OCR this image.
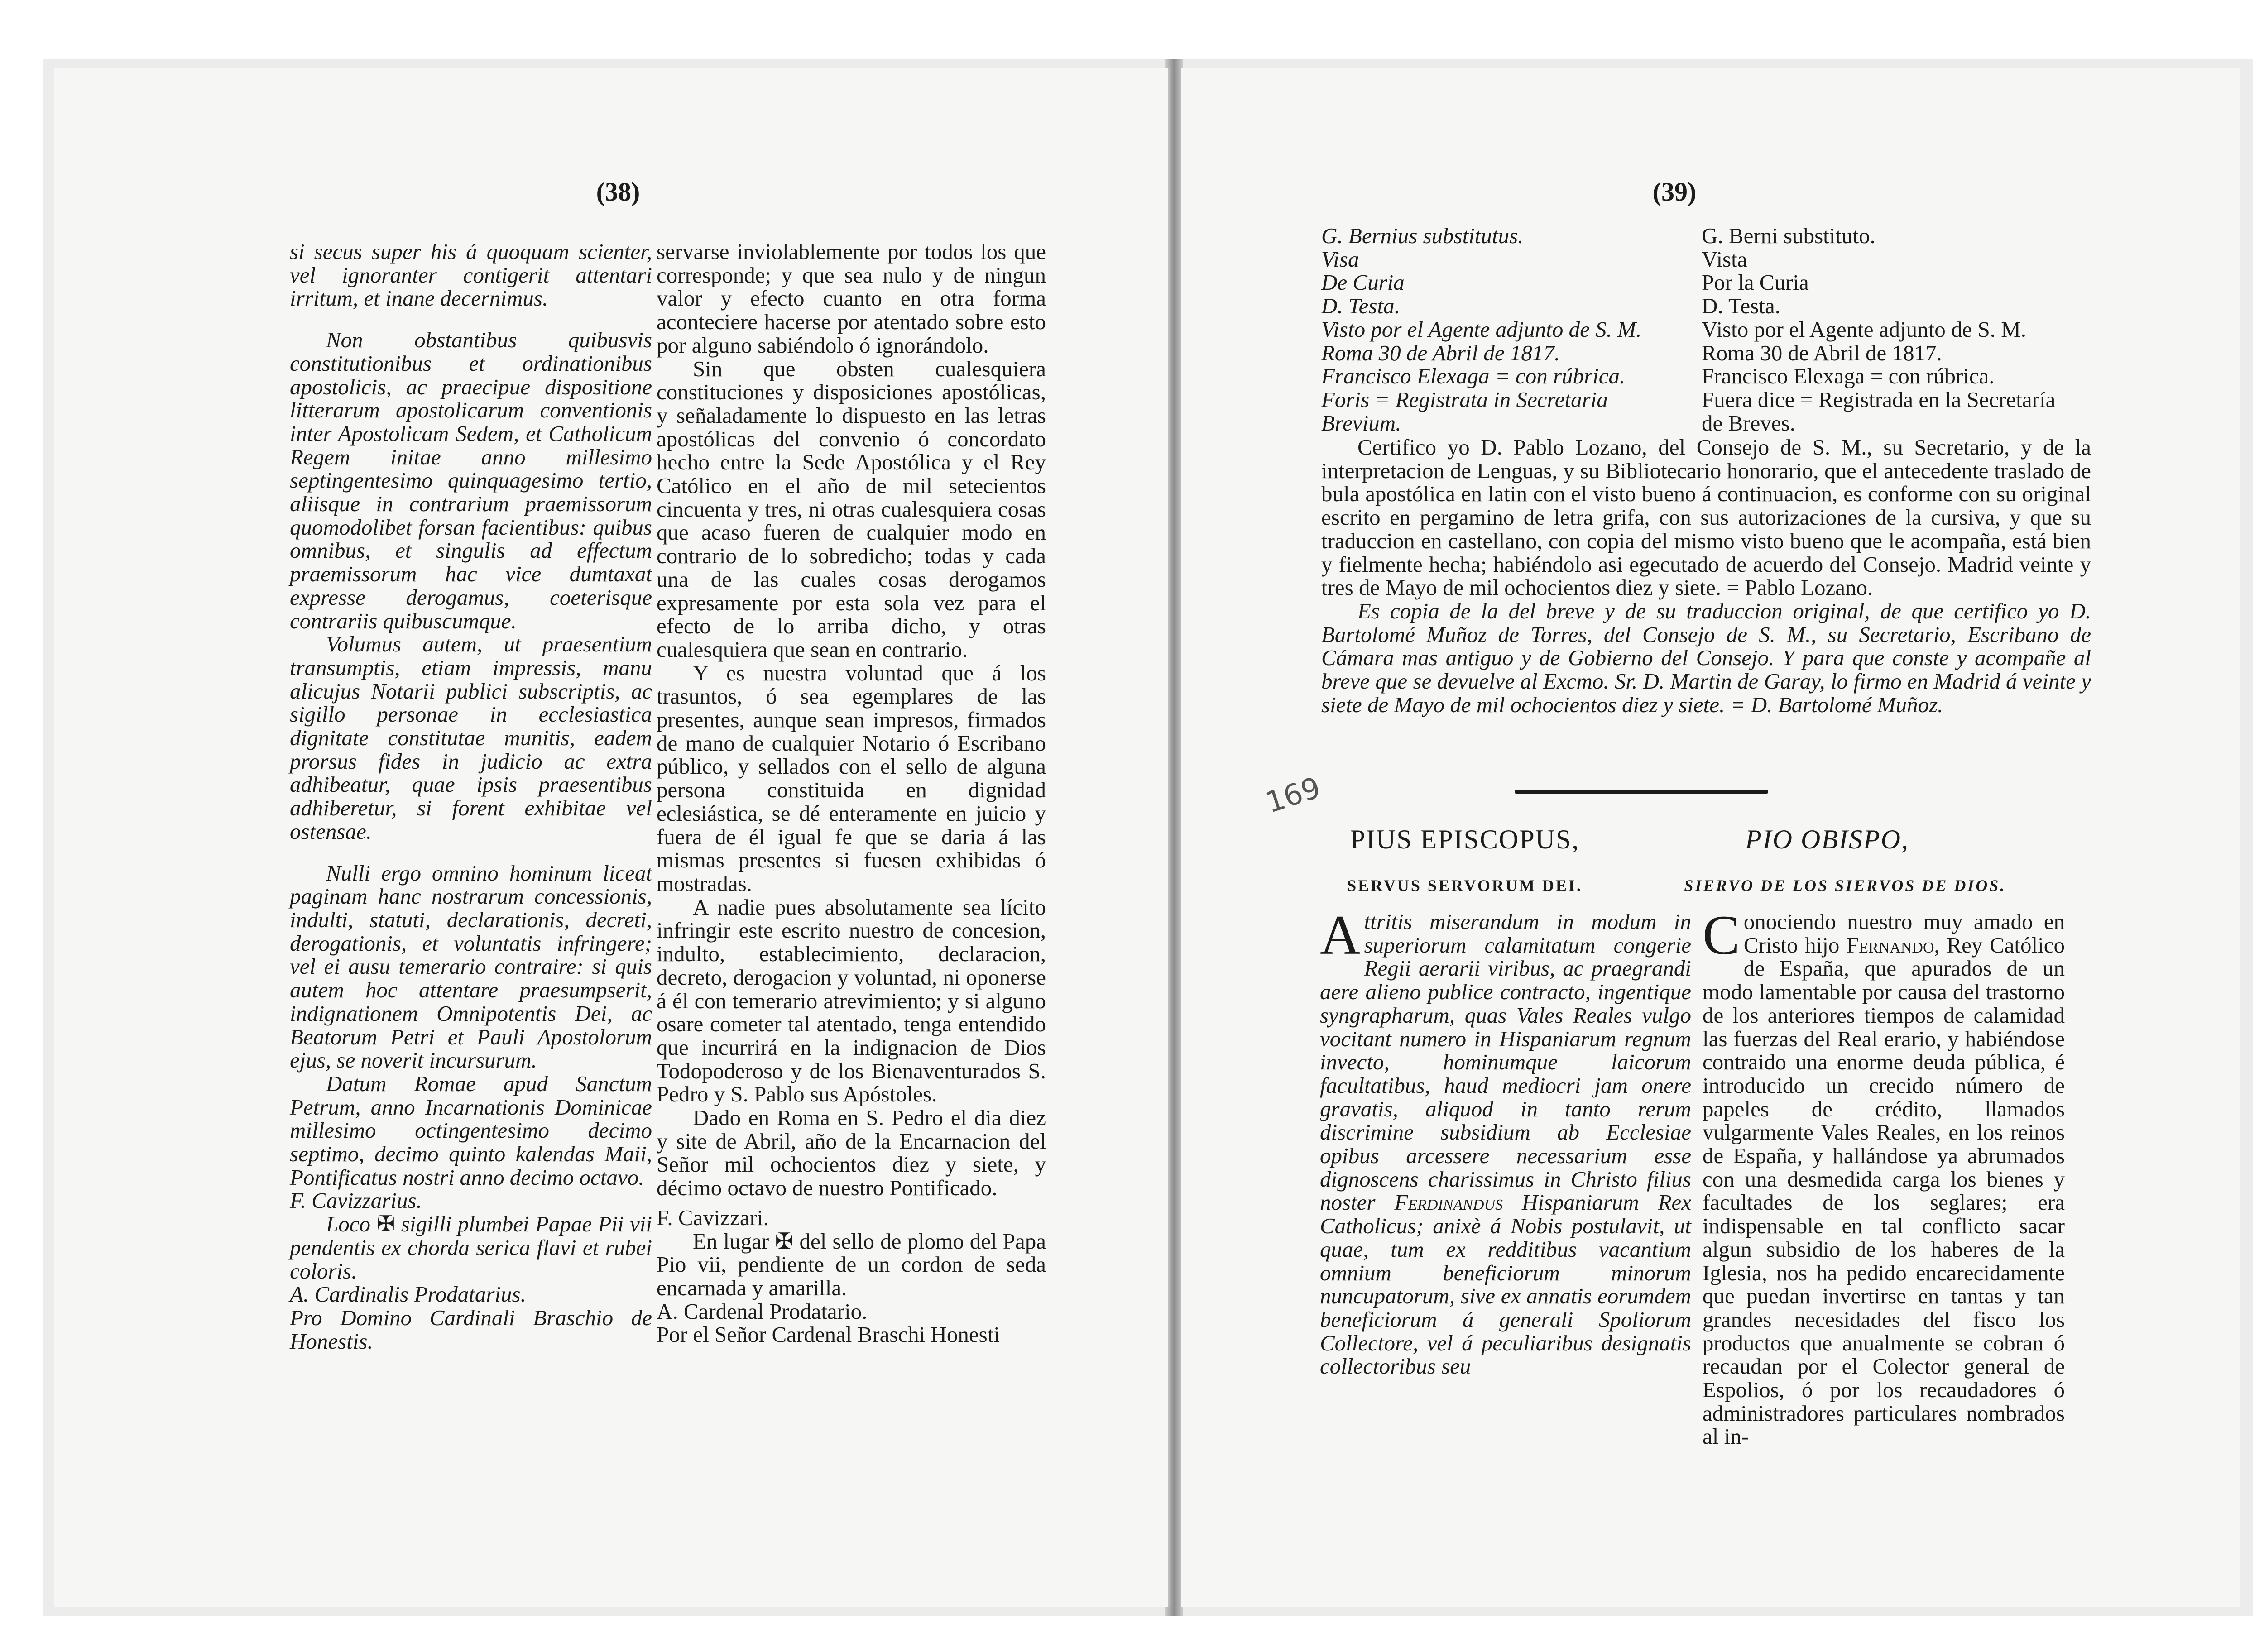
(38)

si secus super his á quoquam scienter, vel ignoranter contigerit attentari irritum, et inane decernimus.

Non obstantibus quibusvis constitutionibus et ordinationibus apostolicis, ac praecipue dispositione litterarum apostolicarum conventionis inter Apostolicam Sedem, et Catholicum Regem initae anno millesimo septingentesimo quinquagesimo tertio, aliisque in contrarium praemissorum quomodolibet forsan facientibus: quibus omnibus, et singulis ad effectum praemissorum hac vice dumtaxat expresse derogamus, coeterisque contrariis quibuscumque.

Volumus autem, ut praesentium transumptis, etiam impressis, manu alicujus Notarii publici subscriptis, ac sigillo personae in ecclesiastica dignitate constitutae munitis, eadem prorsus fides in judicio ac extra adhibeatur, quae ipsis praesentibus adhiberetur, si forent exhibitae vel ostensae.

Nulli ergo omnino hominum liceat paginam hanc nostrarum concessionis, indulti, statuti, declarationis, decreti, derogationis, et voluntatis infringere; vel ei ausu temerario contraire: si quis autem hoc attentare praesumpserit, indignationem Omnipotentis Dei, ac Beatorum Petri et Pauli Apostolorum ejus, se noverit incursurum.

Datum Romae apud Sanctum Petrum, anno Incarnationis Dominicae millesimo octingentesimo decimo septimo, decimo quinto kalendas Maii, Pontificatus nostri anno decimo octavo.

F. Cavizzarius.

Loco ✠ sigilli plumbei Papae Pii vii pendentis ex chorda serica flavi et rubei coloris.

A. Cardinalis Prodatarius.

Pro Domino Cardinali Braschio de Honestis.

servarse inviolablemente por todos los que corresponde; y que sea nulo y de ningun valor y efecto cuanto en otra forma aconteciere hacerse por atentado sobre esto por alguno sabiéndolo ó ignorándolo.

Sin que obsten cualesquiera constituciones y disposiciones apostólicas, y señaladamente lo dispuesto en las letras apostólicas del convenio ó concordato hecho entre la Sede Apostólica y el Rey Católico en el año de mil setecientos cincuenta y tres, ni otras cualesquiera cosas que acaso fueren de cualquier modo en contrario de lo sobredicho; todas y cada una de las cuales cosas derogamos expresamente por esta sola vez para el efecto de lo arriba dicho, y otras cualesquiera que sean en contrario.

Y es nuestra voluntad que á los trasuntos, ó sea egemplares de las presentes, aunque sean impresos, firmados de mano de cualquier Notario ó Escribano público, y sellados con el sello de alguna persona constituida en dignidad eclesiástica, se dé enteramente en juicio y fuera de él igual fe que se daria á las mismas presentes si fuesen exhibidas ó mostradas.

A nadie pues absolutamente sea lícito infringir este escrito nuestro de concesion, indulto, establecimiento, declaracion, decreto, derogacion y voluntad, ni oponerse á él con temerario atrevimiento; y si alguno osare cometer tal atentado, tenga entendido que incurrirá en la indignacion de Dios Todopoderoso y de los Bienaventurados S. Pedro y S. Pablo sus Apóstoles.

Dado en Roma en S. Pedro el dia diez y site de Abril, año de la Encarnacion del Señor mil ochocientos diez y siete, y décimo octavo de nuestro Pontificado.

F. Cavizzari.

En lugar ✠ del sello de plomo del Papa Pio vii, pendiente de un cordon de seda encarnada y amarilla.

A. Cardenal Prodatario.

Por el Señor Cardenal Braschi Honesti

(39)
G. Bernius substitutus.
Visa
De Curia
D. Testa.
Visto por el Agente adjunto de S. M.
Roma 30 de Abril de 1817.
Francisco Elexaga = con rúbrica.
Foris = Registrata in Secretaria
Brevium.
G. Berni substituto.
Vista
Por la Curia
D. Testa.
Visto por el Agente adjunto de S. M.
Roma 30 de Abril de 1817.
Francisco Elexaga = con rúbrica.
Fuera dice = Registrada en la Secretaría
de Breves.

Certifico yo D. Pablo Lozano, del Consejo de S. M., su Secretario, y de la interpretacion de Lenguas, y su Bibliotecario honorario, que el antecedente traslado de bula apostólica en latin con el visto bueno á continuacion, es conforme con su original escrito en pergamino de letra grifa, con sus autorizaciones de la cursiva, y que su traduccion en castellano, con copia del mismo visto bueno que le acompaña, está bien y fielmente hecha; habiéndolo asi egecutado de acuerdo del Consejo. Madrid veinte y tres de Mayo de mil ochocientos diez y siete. = Pablo Lozano.

Es copia de la del breve y de su traduccion original, de que certifico yo D. Bartolomé Muñoz de Torres, del Consejo de S. M., su Secretario, Escribano de Cámara mas antiguo y de Gobierno del Consejo. Y para que conste y acompañe al breve que se devuelve al Excmo. Sr. D. Martin de Garay, lo firmo en Madrid á veinte y siete de Mayo de mil ochocientos diez y siete. = D. Bartolomé Muñoz.

169
PIUS EPISCOPUS,	PIO OBISPO,
SERVUS SERVORUM DEI.	SIERVO DE LOS SIERVOS DE DIOS.

Attritis miserandum in modum in superiorum calamitatum congerie Regii aerarii viribus, ac praegrandi aere alieno publice contracto, ingentique syngrapharum, quas Vales Reales vulgo vocitant numero in Hispaniarum regnum invecto, hominumque laicorum facultatibus, haud mediocri jam onere gravatis, aliquod in tanto rerum discrimine subsidium ab Ecclesiae opibus arcessere necessarium esse dignoscens charissimus in Christo filius noster Ferdinandus Hispaniarum Rex Catholicus; anixè á Nobis postulavit, ut quae, tum ex redditibus vacantium omnium beneficiorum minorum nuncupatorum, sive ex annatis eorumdem beneficiorum á generali Spoliorum Collectore, vel á peculiaribus designatis collectoribus seu

Conociendo nuestro muy amado en Cristo hijo Fernando, Rey Católico de España, que apurados de un modo lamentable por causa del trastorno de los anteriores tiempos de calamidad las fuerzas del Real erario, y habiéndose contraido una enorme deuda pública, é introducido un crecido número de papeles de crédito, llamados vulgarmente Vales Reales, en los reinos de España, y hallándose ya abrumados con una desmedida carga los bienes y facultades de los seglares; era indispensable en tal conflicto sacar algun subsidio de los haberes de la Iglesia, nos ha pedido encarecidamente que puedan invertirse en tantas y tan grandes necesidades del fisco los productos que anualmente se cobran ó recaudan por el Colector general de Espolios, ó por los recaudadores ó administradores particulares nombrados al in-
